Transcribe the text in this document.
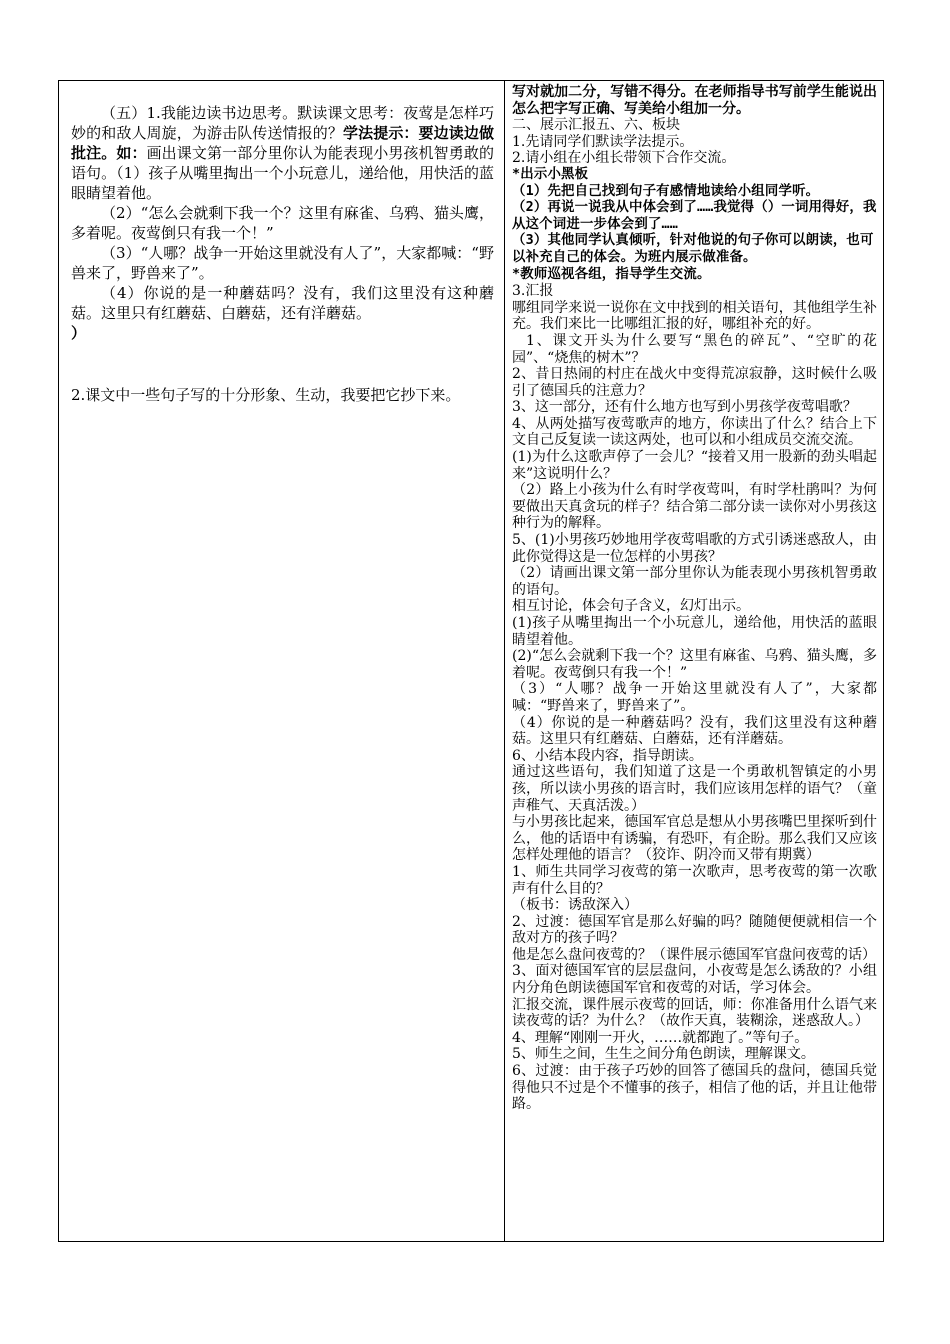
（五）1.我能边读书边思考。默读课文思考：夜莺是怎样巧妙的和敌人周旋，为游击队传送情报的？学法提示：要边读边做批注。如：画出课文第一部分里你认为能表现小男孩机智勇敢的语句。（1）孩子从嘴里掏出一个小玩意儿，递给他，用快活的蓝眼睛望着他。

（2）“怎么会就剩下我一个？这里有麻雀、乌鸦、猫头鹰，多着呢。夜莺倒只有我一个！”

（3）“人哪？战争一开始这里就没有人了”，大家都喊：“野兽来了，野兽来了”。

（4）你说的是一种蘑菇吗？没有，我们这里没有这种蘑菇。这里只有红蘑菇、白蘑菇，还有洋蘑菇。

）

2.课文中一些句子写的十分形象、生动，我要把它抄下来。

写对就加二分，写错不得分。在老师指导书写前学生能说出怎么把字写正确、写美给小组加一分。

二、展示汇报五、六、板块

1.先请同学们默读学法提示。

2.请小组在小组长带领下合作交流。

*出示小黑板

（1）先把自己找到句子有感情地读给小组同学听。

（2）再说一说我从中体会到了……我觉得（）一词用得好，我从这个词进一步体会到了……

（3）其他同学认真倾听，针对他说的句子你可以朗读，也可以补充自己的体会。为班内展示做准备。

*教师巡视各组，指导学生交流。

3.汇报

哪组同学来说一说你在文中找到的相关语句，其他组学生补充。我们来比一比哪组汇报的好，哪组补充的好。

1、课文开头为什么要写“黑色的碎瓦”、“空旷的花园”、“烧焦的树木”？

2、昔日热闹的村庄在战火中变得荒凉寂静，这时候什么吸引了德国兵的注意力？

3、这一部分，还有什么地方也写到小男孩学夜莺唱歌？

4、从两处描写夜莺歌声的地方，你读出了什么？结合上下文自己反复读一读这两处，也可以和小组成员交流交流。

(1)为什么这歌声停了一会儿？“接着又用一股新的劲头唱起来”这说明什么？

（2）路上小孩为什么有时学夜莺叫，有时学杜鹃叫？为何要做出天真贪玩的样子？结合第二部分读一读你对小男孩这种行为的解释。

5、(1)小男孩巧妙地用学夜莺唱歌的方式引诱迷惑敌人，由此你觉得这是一位怎样的小男孩？

（2）请画出课文第一部分里你认为能表现小男孩机智勇敢的语句。

相互讨论，体会句子含义，幻灯出示。

(1)孩子从嘴里掏出一个小玩意儿，递给他，用快活的蓝眼睛望着他。

(2)“怎么会就剩下我一个？这里有麻雀、乌鸦、猫头鹰，多着呢。夜莺倒只有我一个！”

（3）“人哪？战争一开始这里就没有人了”，大家都喊：“野兽来了，野兽来了”。

（4）你说的是一种蘑菇吗？没有，我们这里没有这种蘑菇。这里只有红蘑菇、白蘑菇，还有洋蘑菇。

6、小结本段内容，指导朗读。

通过这些语句，我们知道了这是一个勇敢机智镇定的小男孩，所以读小男孩的语言时，我们应该用怎样的语气？（童声稚气、天真活泼。）

与小男孩比起来，德国军官总是想从小男孩嘴巴里探听到什么，他的话语中有诱骗，有恐吓，有企盼。那么我们又应该怎样处理他的语言？（狡诈、阴冷而又带有期冀）

1、师生共同学习夜莺的第一次歌声，思考夜莺的第一次歌声有什么目的？

（板书：诱敌深入）

2、过渡：德国军官是那么好骗的吗？随随便便就相信一个敌对方的孩子吗？

他是怎么盘问夜莺的？（课件展示德国军官盘问夜莺的话）

3、面对德国军官的层层盘问，小夜莺是怎么诱敌的？小组内分角色朗读德国军官和夜莺的对话，学习体会。

汇报交流，课件展示夜莺的回话，师：你准备用什么语气来读夜莺的话？为什么？（故作天真，装糊涂，迷惑敌人。）

4、理解“刚刚一开火，……就都跑了。”等句子。

5、师生之间，生生之间分角色朗读，理解课文。

6、过渡：由于孩子巧妙的回答了德国兵的盘问，德国兵觉得他只不过是个不懂事的孩子，相信了他的话，并且让他带路。
